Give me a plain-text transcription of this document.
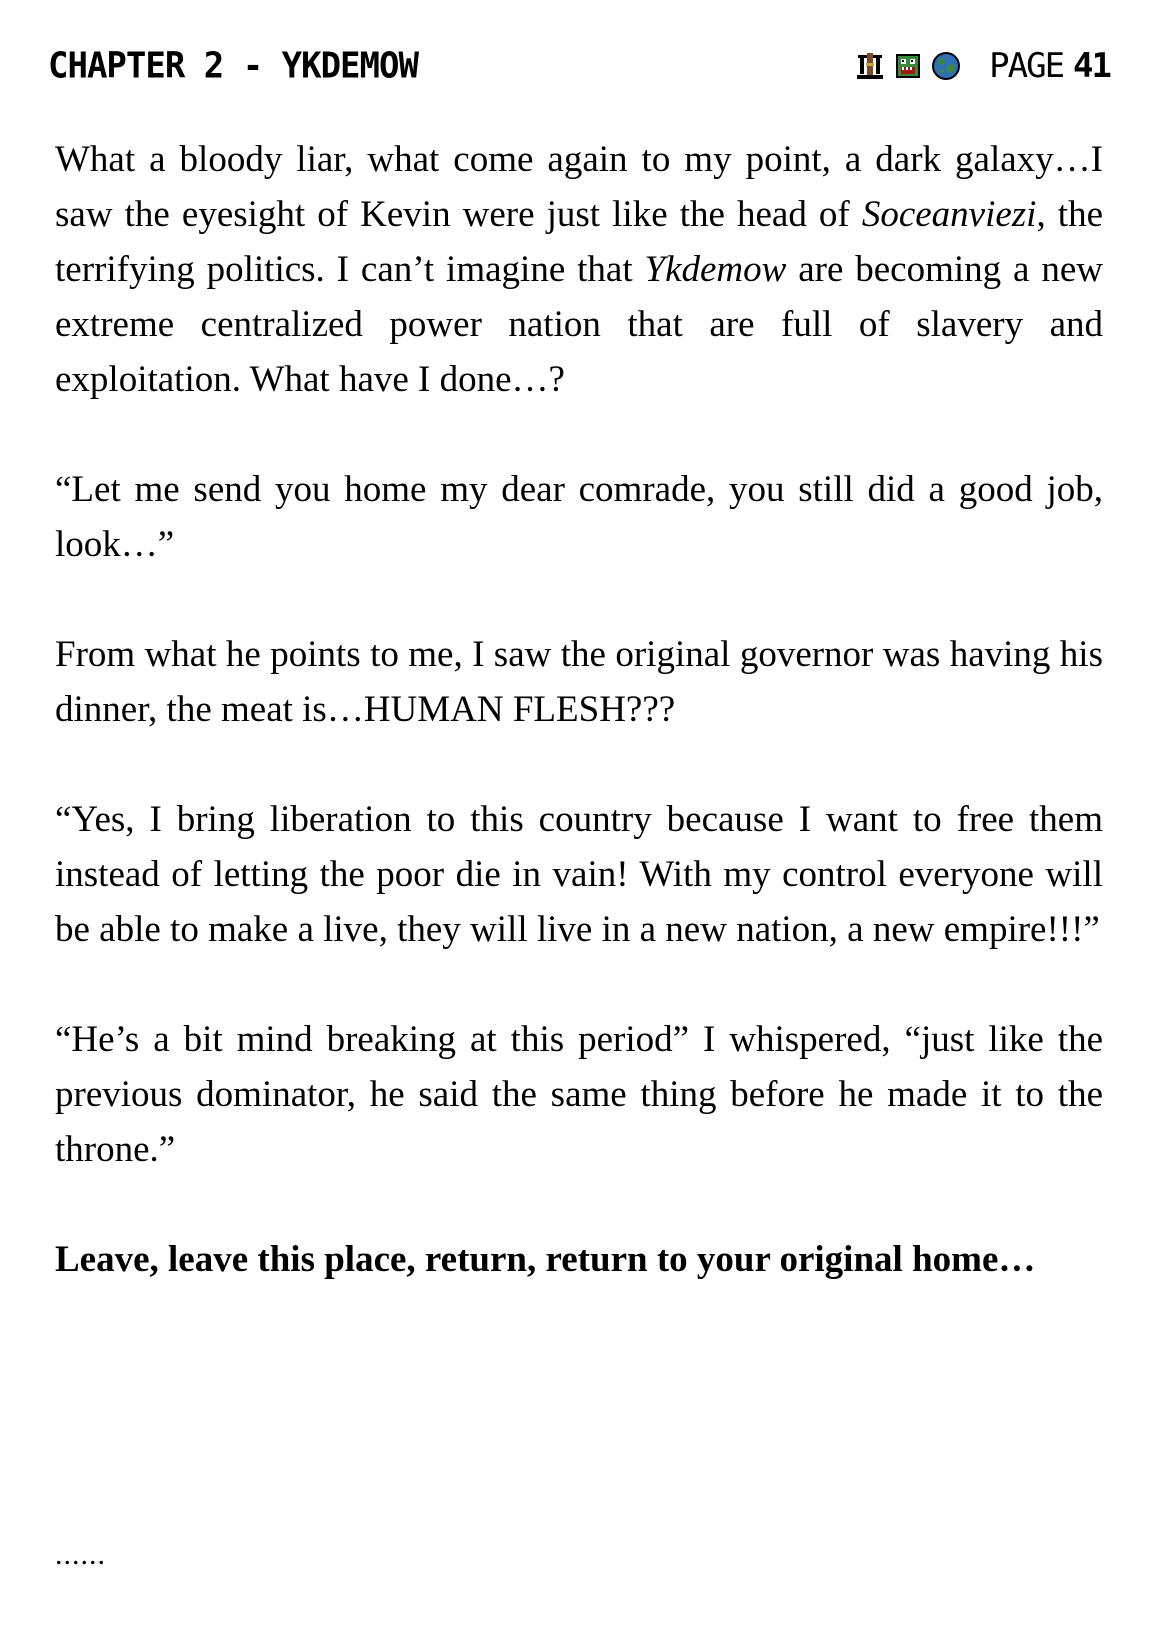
CHAPTER 2 - YKDEMOW	PAGE 41

What a bloody liar, what come again to my point, a dark galaxy…I saw the eyesight of Kevin were just like the head of Soceanviezi, the terrifying politics. I can’t imagine that Ykdemow are becoming a new extreme centralized power nation that are full of slavery and exploitation. What have I done…?

“Let me send you home my dear comrade, you still did a good job, look…”

From what he points to me, I saw the original governor was having his dinner, the meat is…HUMAN FLESH???

“Yes, I bring liberation to this country because I want to free them instead of letting the poor die in vain! With my control everyone will be able to make a live, they will live in a new nation, a new empire!!!”

“He’s a bit mind breaking at this period” I whispered, “just like the previous dominator, he said the same thing before he made it to the throne.”

Leave, leave this place, return, return to your original home…

......
